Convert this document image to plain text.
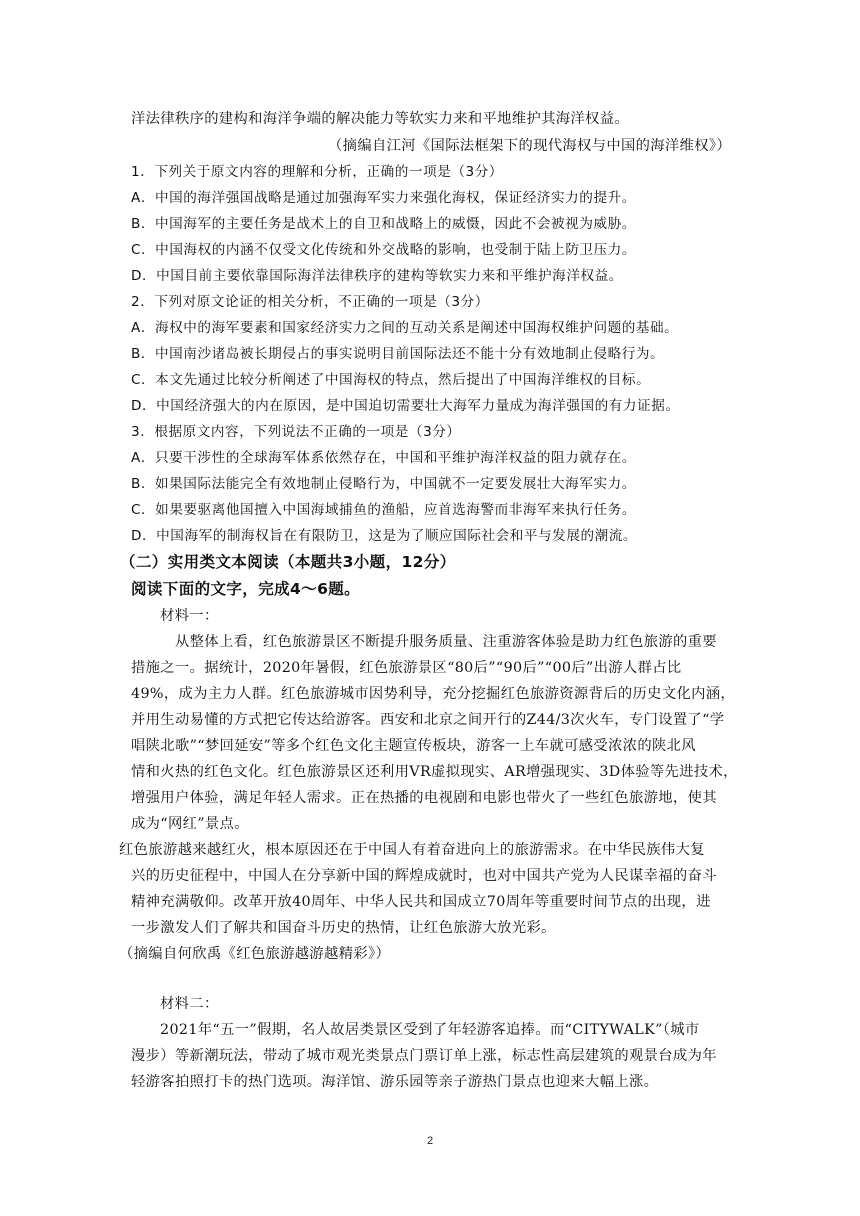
洋法律秩序的建构和海洋争端的解决能力等软实力来和平地维护其海洋权益。
（摘编自江河《国际法框架下的现代海权与中国的海洋维权》）
1．下列关于原文内容的理解和分析，正确的一项是（3分）
A．中国的海洋强国战略是通过加强海军实力来强化海权，保证经济实力的提升。
B．中国海军的主要任务是战术上的自卫和战略上的威慑，因此不会被视为威胁。
C．中国海权的内涵不仅受文化传统和外交战略的影响，也受制于陆上防卫压力。
D．中国目前主要依靠国际海洋法律秩序的建构等软实力来和平维护海洋权益。
2．下列对原文论证的相关分析，不正确的一项是（3分）
A．海权中的海军要素和国家经济实力之间的互动关系是阐述中国海权维护问题的基础。
B．中国南沙诸岛被长期侵占的事实说明目前国际法还不能十分有效地制止侵略行为。
C．本文先通过比较分析阐述了中国海权的特点，然后提出了中国海洋维权的目标。
D．中国经济强大的内在原因，是中国迫切需要壮大海军力量成为海洋强国的有力证据。
3．根据原文内容，下列说法不正确的一项是（3分）
A．只要干涉性的全球海军体系依然存在，中国和平维护海洋权益的阻力就存在。
B．如果国际法能完全有效地制止侵略行为，中国就不一定要发展壮大海军实力。
C．如果要驱离他国擅入中国海域捕鱼的渔船，应首选海警而非海军来执行任务。
D．中国海军的制海权旨在有限防卫，这是为了顺应国际社会和平与发展的潮流。
（二）实用类文本阅读（本题共3小题，12分）
阅读下面的文字，完成4～6题。
材料一：
从整体上看，红色旅游景区不断提升服务质量、注重游客体验是助力红色旅游的重要
措施之一。据统计，2020年暑假，红色旅游景区“80后”“90后”“00后”出游人群占比
49%，成为主力人群。红色旅游城市因势利导，充分挖掘红色旅游资源背后的历史文化内涵，
并用生动易懂的方式把它传达给游客。西安和北京之间开行的Z44/3次火车，专门设置了“学
唱陕北歌”“梦回延安”等多个红色文化主题宣传板块，游客一上车就可感受浓浓的陕北风
情和火热的红色文化。红色旅游景区还利用VR虚拟现实、AR增强现实、3D体验等先进技术，
增强用户体验，满足年轻人需求。正在热播的电视剧和电影也带火了一些红色旅游地，使其
成为“网红”景点。
红色旅游越来越红火，根本原因还在于中国人有着奋进向上的旅游需求。在中华民族伟大复
兴的历史征程中，中国人在分享新中国的辉煌成就时，也对中国共产党为人民谋幸福的奋斗
精神充满敬仰。改革开放40周年、中华人民共和国成立70周年等重要时间节点的出现，进
一步激发人们了解共和国奋斗历史的热情，让红色旅游大放光彩。
（摘编自何欣禹《红色旅游越游越精彩》）
材料二：
2021年“五一”假期，名人故居类景区受到了年轻游客追捧。而“CITYWALK”（城市
漫步）等新潮玩法，带动了城市观光类景点门票订单上涨，标志性高层建筑的观景台成为年
轻游客拍照打卡的热门选项。海洋馆、游乐园等亲子游热门景点也迎来大幅上涨。
2
